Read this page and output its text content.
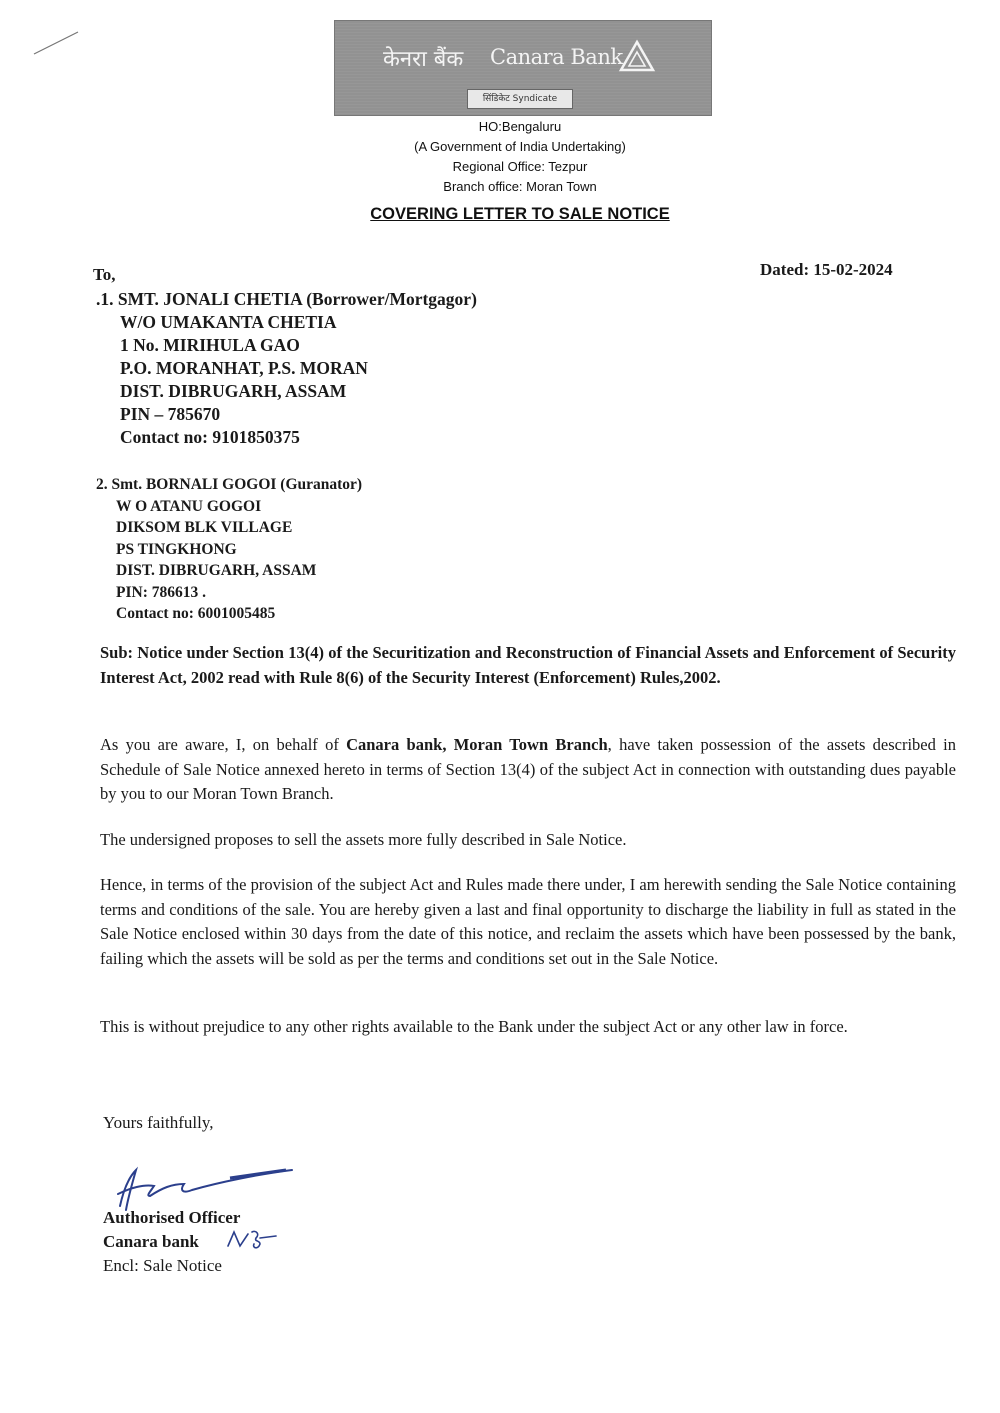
केनरा बैंक Canara Bank
सिंडिकेट Syndicate
HO:Bengaluru
(A Government of India Undertaking)
Regional Office: Tezpur
Branch office: Moran Town
COVERING LETTER TO SALE NOTICE
Dated: 15-02-2024
To,
.1. SMT. JONALI CHETIA (Borrower/Mortgagor)
W/O UMAKANTA CHETIA
1 No. MIRIHULA GAO
P.O. MORANHAT, P.S. MORAN
DIST. DIBRUGARH, ASSAM
PIN – 785670
Contact no: 9101850375
2. Smt. BORNALI GOGOI (Guranator)
W O ATANU GOGOI
DIKSOM BLK VILLAGE
PS TINGKHONG
DIST. DIBRUGARH, ASSAM
PIN: 786613 .
Contact no: 6001005485
Sub: Notice under Section 13(4) of the Securitization and Reconstruction of Financial Assets and Enforcement of Security Interest Act, 2002 read with Rule 8(6) of the Security Interest (Enforcement) Rules,2002.
As you are aware, I, on behalf of Canara bank, Moran Town Branch, have taken possession of the assets described in Schedule of Sale Notice annexed hereto in terms of Section 13(4) of the subject Act in connection with outstanding dues payable by you to our Moran Town Branch.
The undersigned proposes to sell the assets more fully described in Sale Notice.
Hence, in terms of the provision of the subject Act and Rules made there under, I am herewith sending the Sale Notice containing terms and conditions of the sale. You are hereby given a last and final opportunity to discharge the liability in full as stated in the Sale Notice enclosed within 30 days from the date of this notice, and reclaim the assets which have been possessed by the bank, failing which the assets will be sold as per the terms and conditions set out in the Sale Notice.
This is without prejudice to any other rights available to the Bank under the subject Act or any other law in force.
Yours faithfully,
Authorised Officer
Canara bank
Encl: Sale Notice
